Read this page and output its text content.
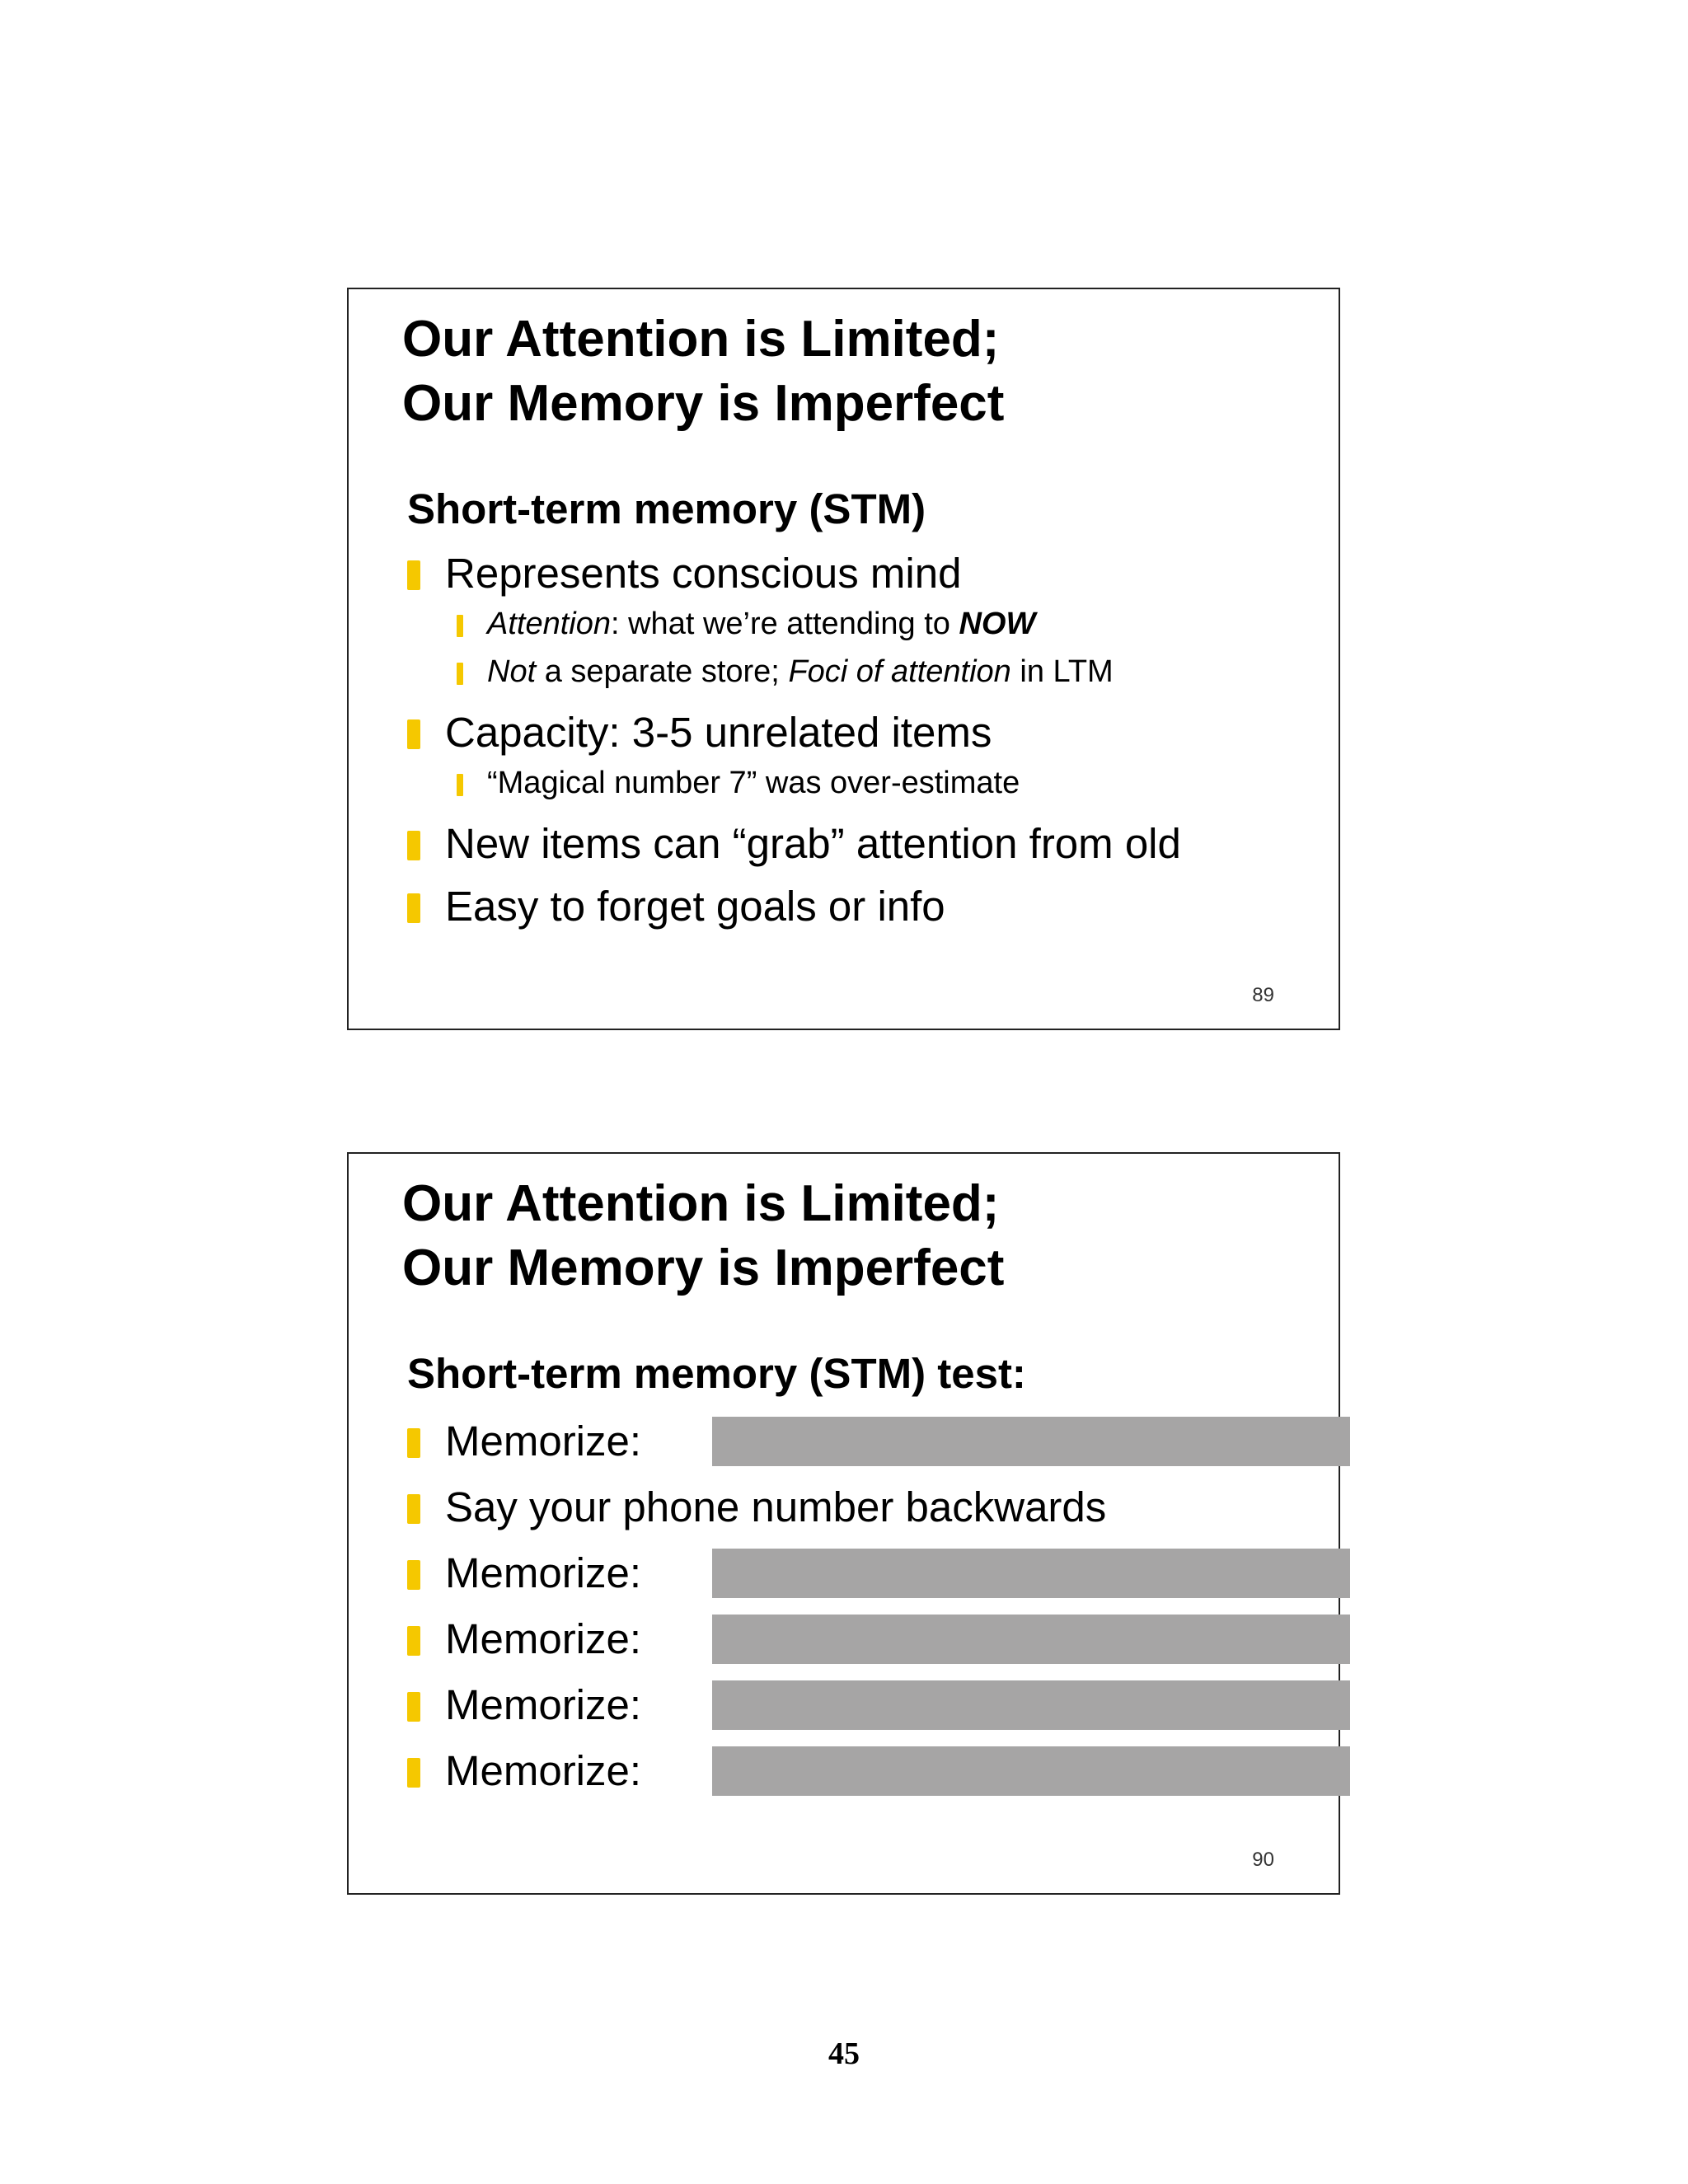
Our Attention is Limited;
Our Memory is Imperfect
Short-term memory (STM)
Represents conscious mind
Attention: what we’re attending to NOW
Not a separate store; Foci of attention in LTM
Capacity: 3-5 unrelated items
“Magical number 7” was over-estimate
New items can “grab” attention from old
Easy to forget goals or info
89
Our Attention is Limited;
Our Memory is Imperfect
Short-term memory (STM) test:
Memorize:
Say your phone number backwards
Memorize:
Memorize:
Memorize:
Memorize:
90
45
